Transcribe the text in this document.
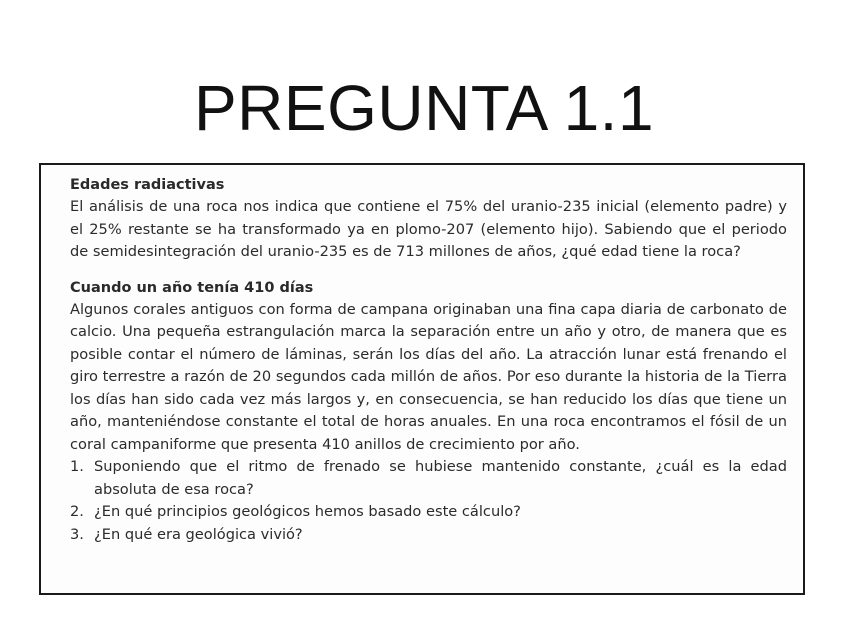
PREGUNTA 1.1

Edades radiactivas

El análisis de una roca nos indica que contiene el 75% del uranio-235 inicial (elemento padre) y el 25% restante se ha transformado ya en plomo-207 (elemento hijo). Sabiendo que el periodo de semidesintegración del uranio-235 es de 713 millones de años, ¿qué edad tiene la roca?

Cuando un año tenía 410 días

Algunos corales antiguos con forma de campana originaban una fina capa diaria de carbonato de calcio. Una pequeña estrangulación marca la separación entre un año y otro, de manera que es posible contar el número de láminas, serán los días del año. La atracción lunar está frenando el giro terrestre a razón de 20 segundos cada millón de años. Por eso durante la historia de la Tierra los días han sido cada vez más largos y, en consecuencia, se han reducido los días que tiene un año, manteniéndose constante el total de horas anuales. En una roca encontramos el fósil de un coral campaniforme que presenta 410 anillos de crecimiento por año.

1. Suponiendo que el ritmo de frenado se hubiese mantenido constante, ¿cuál es la edad absoluta de esa roca?
2. ¿En qué principios geológicos hemos basado este cálculo?
3. ¿En qué era geológica vivió?
